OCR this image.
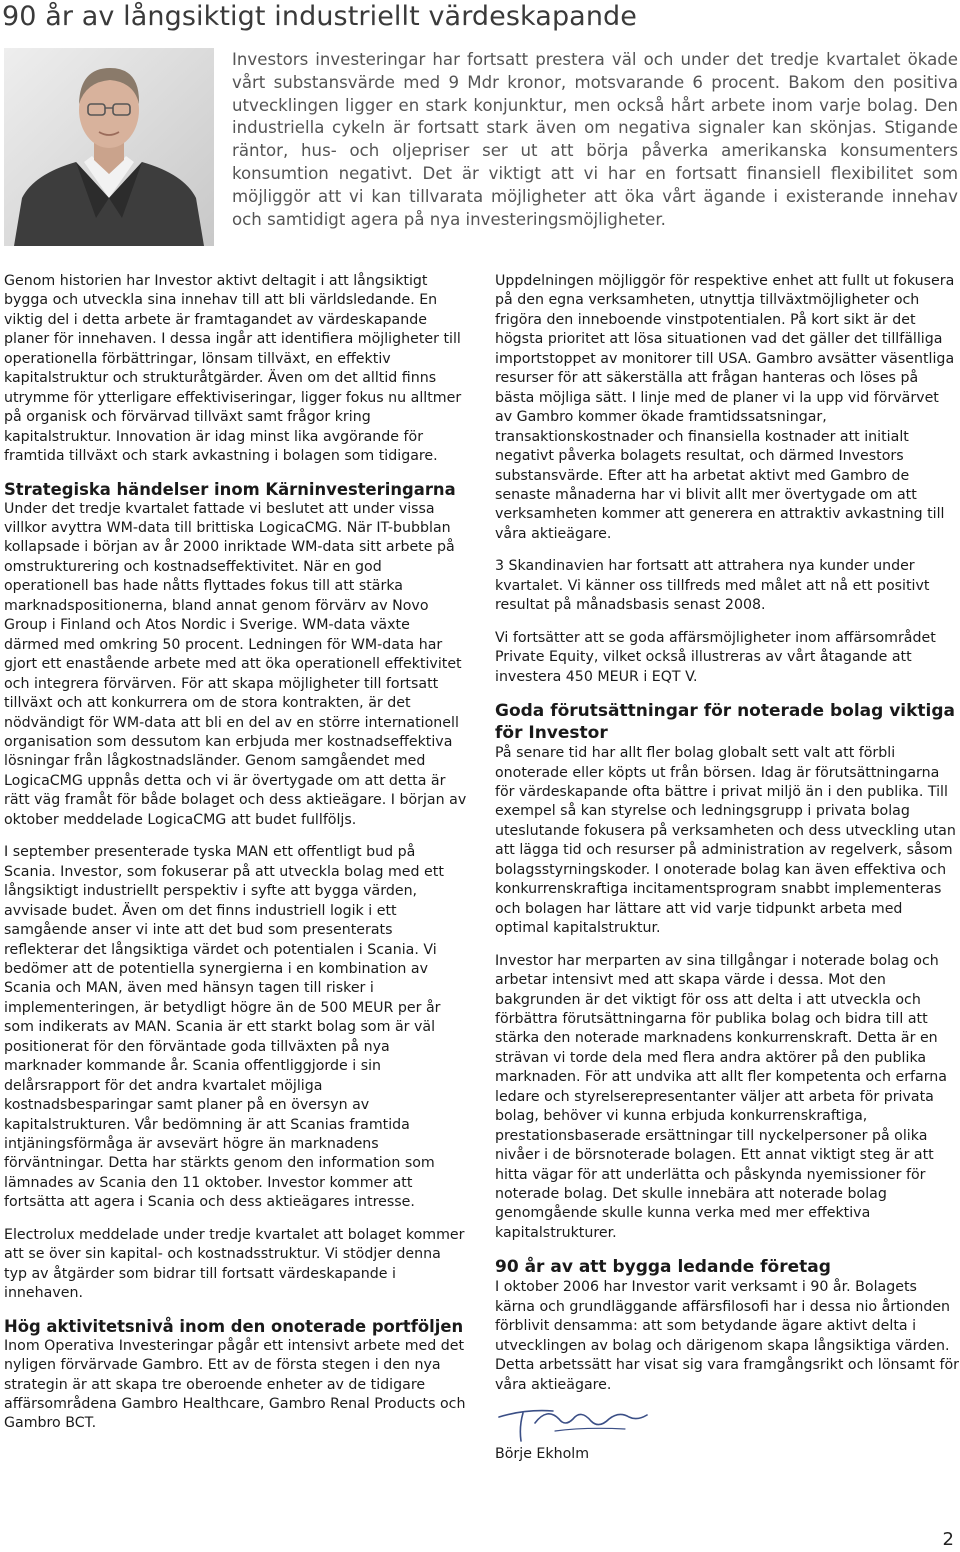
90 år av långsiktigt industriellt värdeskapande

Investors investeringar har fortsatt prestera väl och under det tredje kvartalet ökade vårt substansvärde med 9 Mdr kronor, motsvarande 6 procent. Bakom den positiva utvecklingen ligger en stark konjunktur, men också hårt arbete inom varje bolag. Den industriella cykeln är fortsatt stark även om negativa signaler kan skönjas. Stigande räntor, hus- och oljepriser ser ut att börja påverka amerikanska konsumenters konsumtion negativt. Det är viktigt att vi har en fortsatt finansiell flexibilitet som möjliggör att vi kan tillvarata möjligheter att öka vårt ägande i existerande innehav och samtidigt agera på nya investeringsmöjligheter.

Genom historien har Investor aktivt deltagit i att långsiktigt bygga och utveckla sina innehav till att bli världsledande. En viktig del i detta arbete är framtagandet av värdeskapande planer för innehaven. I dessa ingår att identifiera möjligheter till operationella förbättringar, lönsam tillväxt, en effektiv kapitalstruktur och strukturåtgärder. Även om det alltid finns utrymme för ytterligare effektiviseringar, ligger fokus nu alltmer på organisk och förvärvad tillväxt samt frågor kring kapitalstruktur. Innovation är idag minst lika avgörande för framtida tillväxt och stark avkastning i bolagen som tidigare.

Strategiska händelser inom Kärninvesteringarna

Under det tredje kvartalet fattade vi beslutet att under vissa villkor avyttra WM-data till brittiska LogicaCMG. När IT-bubblan kollapsade i början av år 2000 inriktade WM-data sitt arbete på omstrukturering och kostnadseffektivitet. När en god operationell bas hade nåtts flyttades fokus till att stärka marknadspositionerna, bland annat genom förvärv av Novo Group i Finland och Atos Nordic i Sverige. WM-data växte därmed med omkring 50 procent. Ledningen för WM-data har gjort ett enastående arbete med att öka operationell effektivitet och integrera förvärven. För att skapa möjligheter till fortsatt tillväxt och att konkurrera om de stora kontrakten, är det nödvändigt för WM-data att bli en del av en större internationell organisation som dessutom kan erbjuda mer kostnadseffektiva lösningar från lågkostnadsländer. Genom samgåendet med LogicaCMG uppnås detta och vi är övertygade om att detta är rätt väg framåt för både bolaget och dess aktieägare. I början av oktober meddelade LogicaCMG att budet fullföljs.

I september presenterade tyska MAN ett offentligt bud på Scania. Investor, som fokuserar på att utveckla bolag med ett långsiktigt industriellt perspektiv i syfte att bygga värden, avvisade budet. Även om det finns industriell logik i ett samgående anser vi inte att det bud som presenterats reflekterar det långsiktiga värdet och potentialen i Scania. Vi bedömer att de potentiella synergierna i en kombination av Scania och MAN, även med hänsyn tagen till risker i implementeringen, är betydligt högre än de 500 MEUR per år som indikerats av MAN. Scania är ett starkt bolag som är väl positionerat för den förväntade goda tillväxten på nya marknader kommande år. Scania offentliggjorde i sin delårsrapport för det andra kvartalet möjliga kostnadsbesparingar samt planer på en översyn av kapitalstrukturen. Vår bedömning är att Scanias framtida intjäningsförmåga är avsevärt högre än marknadens förväntningar. Detta har stärkts genom den information som lämnades av Scania den 11 oktober. Investor kommer att fortsätta att agera i Scania och dess aktieägares intresse.

Electrolux meddelade under tredje kvartalet att bolaget kommer att se över sin kapital- och kostnadsstruktur. Vi stödjer denna typ av åtgärder som bidrar till fortsatt värdeskapande i innehaven.

Hög aktivitetsnivå inom den onoterade portföljen

Inom Operativa Investeringar pågår ett intensivt arbete med det nyligen förvärvade Gambro. Ett av de första stegen i den nya strategin är att skapa tre oberoende enheter av de tidigare affärsområdena Gambro Healthcare, Gambro Renal Products och Gambro BCT.

Uppdelningen möjliggör för respektive enhet att fullt ut fokusera på den egna verksamheten, utnyttja tillväxtmöjligheter och frigöra den inneboende vinstpotentialen. På kort sikt är det högsta prioritet att lösa situationen vad det gäller det tillfälliga importstoppet av monitorer till USA. Gambro avsätter väsentliga resurser för att säkerställa att frågan hanteras och löses på bästa möjliga sätt. I linje med de planer vi la upp vid förvärvet av Gambro kommer ökade framtidssatsningar, transaktionskostnader och finansiella kostnader att initialt negativt påverka bolagets resultat, och därmed Investors substansvärde. Efter att ha arbetat aktivt med Gambro de senaste månaderna har vi blivit allt mer övertygade om att verksamheten kommer att generera en attraktiv avkastning till våra aktieägare.

3 Skandinavien har fortsatt att attrahera nya kunder under kvartalet. Vi känner oss tillfreds med målet att nå ett positivt resultat på månadsbasis senast 2008.

Vi fortsätter att se goda affärsmöjligheter inom affärsområdet Private Equity, vilket också illustreras av vårt åtagande att investera 450 MEUR i EQT V.

Goda förutsättningar för noterade bolag viktiga för Investor

På senare tid har allt fler bolag globalt sett valt att förbli onoterade eller köpts ut från börsen. Idag är förutsättningarna för värdeskapande ofta bättre i privat miljö än i den publika. Till exempel så kan styrelse och ledningsgrupp i privata bolag uteslutande fokusera på verksamheten och dess utveckling utan att lägga tid och resurser på administration av regelverk, såsom bolagsstyrningskoder. I onoterade bolag kan även effektiva och konkurrenskraftiga incitamentsprogram snabbt implementeras och bolagen har lättare att vid varje tidpunkt arbeta med optimal kapitalstruktur.

Investor har merparten av sina tillgångar i noterade bolag och arbetar intensivt med att skapa värde i dessa. Mot den bakgrunden är det viktigt för oss att delta i att utveckla och förbättra förutsättningarna för publika bolag och bidra till att stärka den noterade marknadens konkurrenskraft. Detta är en strävan vi torde dela med flera andra aktörer på den publika marknaden. För att undvika att allt fler kompetenta och erfarna ledare och styrelserepresentanter väljer att arbeta för privata bolag, behöver vi kunna erbjuda konkurrenskraftiga, prestationsbaserade ersättningar till nyckelpersoner på olika nivåer i de börsnoterade bolagen. Ett annat viktigt steg är att hitta vägar för att underlätta och påskynda nyemissioner för noterade bolag. Det skulle innebära att noterade bolag genomgående skulle kunna verka med mer effektiva kapitalstrukturer.

90 år av att bygga ledande företag

I oktober 2006 har Investor varit verksamt i 90 år. Bolagets kärna och grundläggande affärsfilosofi har i dessa nio årtionden förblivit densamma: att som betydande ägare aktivt delta i utvecklingen av bolag och därigenom skapa långsiktiga värden. Detta arbetssätt har visat sig vara framgångsrikt och lönsamt för våra aktieägare.

Börje Ekholm
2
